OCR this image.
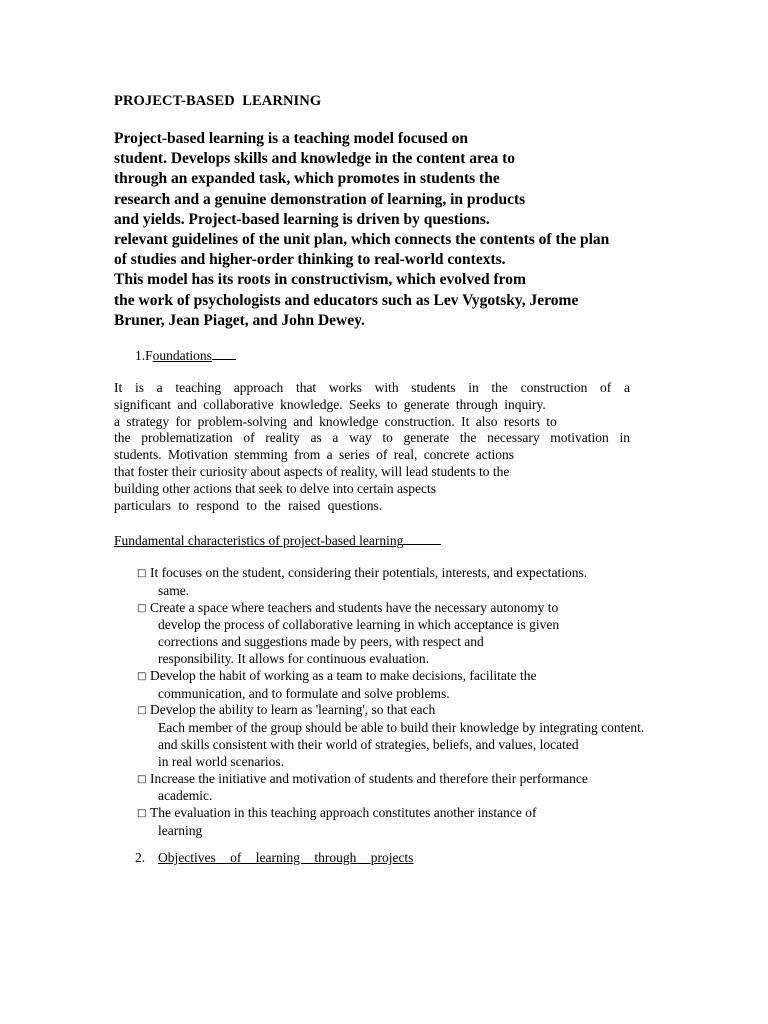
PROJECT-BASED  LEARNING
Project-based learning is a teaching model focused on
student. Develops skills and knowledge in the content area to
through an expanded task, which promotes in students the
research and a genuine demonstration of learning, in products
and yields. Project-based learning is driven by questions.
relevant guidelines of the unit plan, which connects the contents of the plan
of studies and higher-order thinking to real-world contexts.
This model has its roots in constructivism, which evolved from
the work of psychologists and educators such as Lev Vygotsky, Jerome
Bruner, Jean Piaget, and John Dewey.
1.Foundations
It is a teaching approach that works with students in the construction of a
significant and collaborative knowledge. Seeks to generate through inquiry.
a strategy for problem-solving and knowledge construction. It also resorts to
the problematization of reality as a way to generate the necessary motivation in
students. Motivation stemming from a series of real, concrete actions
that foster their curiosity about aspects of reality, will lead students to the
building other actions that seek to delve into certain aspects
particulars to respond to the raised questions.
Fundamental characteristics of project-based learning
□ It focuses on the student, considering their potentials, interests, and expectations.
same.
□ Create a space where teachers and students have the necessary autonomy to
develop the process of collaborative learning in which acceptance is given
corrections and suggestions made by peers, with respect and
responsibility. It allows for continuous evaluation.
□ Develop the habit of working as a team to make decisions, facilitate the
communication, and to formulate and solve problems.
□ Develop the ability to learn as 'learning', so that each
Each member of the group should be able to build their knowledge by integrating content.
and skills consistent with their world of strategies, beliefs, and values, located
in real world scenarios.
□ Increase the initiative and motivation of students and therefore their performance
academic.
□ The evaluation in this teaching approach constitutes another instance of
learning
2. Objectives of learning through projects
